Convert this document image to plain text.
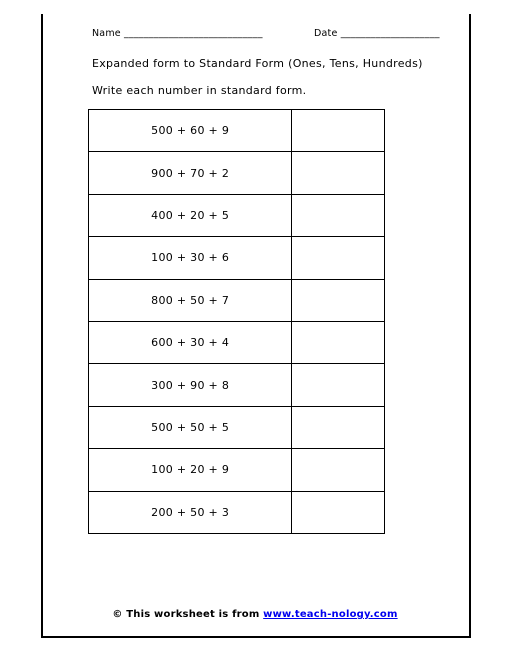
Name ____________________________	Date ____________________
Expanded form to Standard Form (Ones, Tens, Hundreds)
Write each number in standard form.
500 + 60 + 9	
900 + 70 + 2	
400 + 20 + 5	
100 + 30 + 6	
800 + 50 + 7	
600 + 30 + 4	
300 + 90 + 8	
500 + 50 + 5	
100 + 20 + 9	
200 + 50 + 3	
© This worksheet is from www.teach-nology.com
